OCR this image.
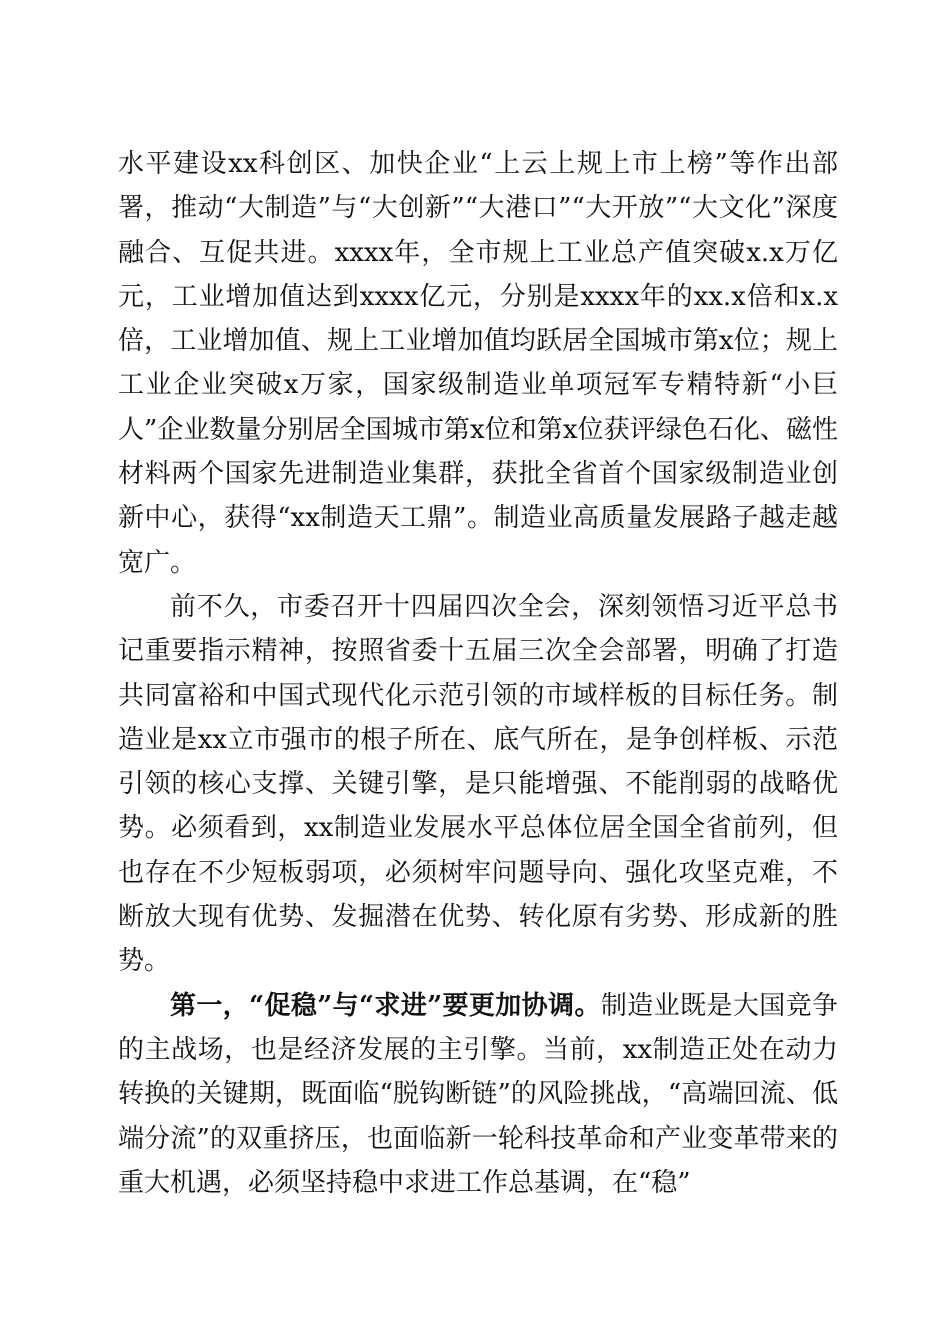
水平建设xx科创区、加快企业“上云上规上市上榜”等作出部署，推动“大制造”与“大创新”“大港口”“大开放”“大文化”深度融合、互促共进。xxxx年，全市规上工业总产值突破x.x万亿元，工业增加值达到xxxx亿元，分别是xxxx年的xx.x倍和x.x倍，工业增加值、规上工业增加值均跃居全国城市第x位；规上工业企业突破x万家，国家级制造业单项冠军专精特新“小巨人”企业数量分别居全国城市第x位和第x位获评绿色石化、磁性材料两个国家先进制造业集群，获批全省首个国家级制造业创新中心，获得“xx制造天工鼎”。制造业高质量发展路子越走越宽广。

前不久，市委召开十四届四次全会，深刻领悟习近平总书记重要指示精神，按照省委十五届三次全会部署，明确了打造共同富裕和中国式现代化示范引领的市域样板的目标任务。制造业是xx立市强市的根子所在、底气所在，是争创样板、示范引领的核心支撑、关键引擎，是只能增强、不能削弱的战略优势。必须看到，xx制造业发展水平总体位居全国全省前列，但也存在不少短板弱项，必须树牢问题导向、强化攻坚克难，不断放大现有优势、发掘潜在优势、转化原有劣势、形成新的胜势。

第一，“促稳”与“求进”要更加协调。制造业既是大国竞争的主战场，也是经济发展的主引擎。当前，xx制造正处在动力转换的关键期，既面临“脱钩断链”的风险挑战，“高端回流、低端分流”的双重挤压，也面临新一轮科技革命和产业变革带来的重大机遇，必须坚持稳中求进工作总基调，在“稳”
